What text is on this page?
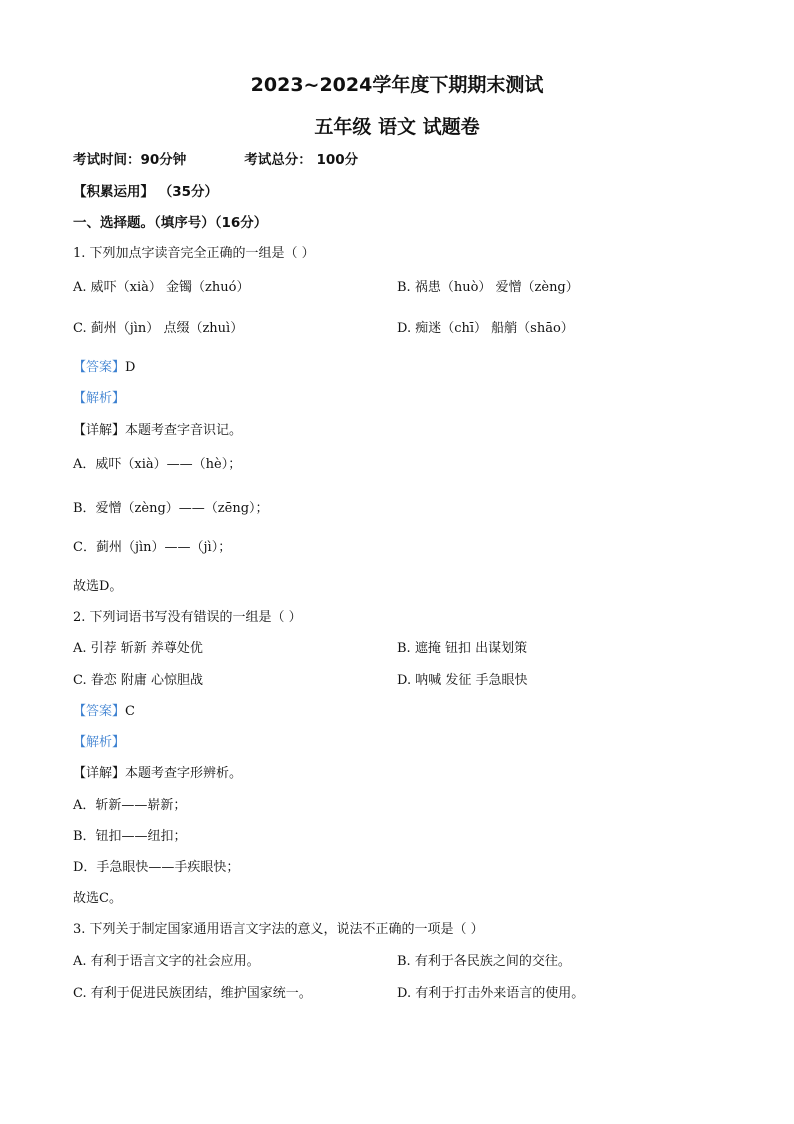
2023~2024学年度下期期末测试
五年级 语文 试题卷
考试时间：90分钟	考试总分： 100分
【积累运用】 （35分）
一、选择题。（填序号）（16分）
1. 下列加点字读音完全正确的一组是（ ）
A. 威吓（xià） 金镯（zhuó）	B. 祸患（huò） 爱憎（zèng）
C. 蓟州（jìn） 点缀（zhuì）	D. 痴迷（chī） 船艄（shāo）
【答案】D
【解析】
【详解】本题考查字音识记。
A．威吓（xià）——（hè）；
B．爱憎（zèng）——（zēng）；
C．蓟州（jìn）——（jì）；
故选D。
2. 下列词语书写没有错误的一组是（ ）
A. 引荐 斩新 养尊处优	B. 遮掩 钮扣 出谋划策
C. 眷恋 附庸 心惊胆战	D. 呐喊 发征 手急眼快
【答案】C
【解析】
【详解】本题考查字形辨析。
A．斩新——崭新；
B．钮扣——纽扣；
D．手急眼快——手疾眼快；
故选C。
3. 下列关于制定国家通用语言文字法的意义，说法不正确的一项是（ ）
A. 有利于语言文字的社会应用。	B. 有利于各民族之间的交往。
C. 有利于促进民族团结，维护国家统一。	D. 有利于打击外来语言的使用。
